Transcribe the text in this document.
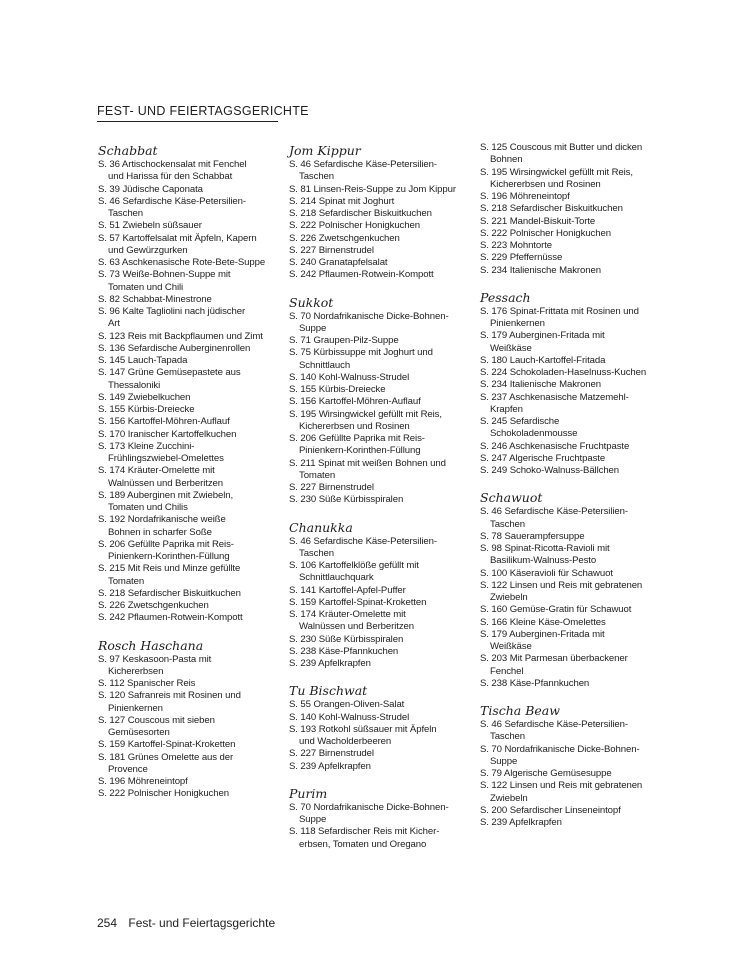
FEST- UND FEIERTAGSGERICHTE
Schabbat
S. 36 Artischockensalat mit Fenchel
und Harissa für den Schabbat
S. 39 Jüdische Caponata
S. 46 Sefardische Käse-Petersilien-
Taschen
S. 51 Zwiebeln süßsauer
S. 57 Kartoffelsalat mit Äpfeln, Kapern
und Gewürzgurken
S. 63 Aschkenasische Rote-Bete-Suppe
S. 73 Weiße-Bohnen-Suppe mit
Tomaten und Chili
S. 82 Schabbat-Minestrone
S. 96 Kalte Tagliolini nach jüdischer
Art
S. 123 Reis mit Backpflaumen und Zimt
S. 136 Sefardische Auberginenrollen
S. 145 Lauch-Tapada
S. 147 Grüne Gemüsepastete aus
Thessaloniki
S. 149 Zwiebelkuchen
S. 155 Kürbis-Dreiecke
S. 156 Kartoffel-Möhren-Auflauf
S. 170 Iranischer Kartoffelkuchen
S. 173 Kleine Zucchini-
Frühlingszwiebel-Omelettes
S. 174 Kräuter-Omelette mit
Walnüssen und Berberitzen
S. 189 Auberginen mit Zwiebeln,
Tomaten und Chilis
S. 192 Nordafrikanische weiße
Bohnen in scharfer Soße
S. 206 Gefüllte Paprika mit Reis-
Pinienkern-Korinthen-Füllung
S. 215 Mit Reis und Minze gefüllte
Tomaten
S. 218 Sefardischer Biskuitkuchen
S. 226 Zwetschgenkuchen
S. 242 Pflaumen-Rotwein-Kompott
Rosch Haschana
S. 97 Keskasoon-Pasta mit
Kichererbsen
S. 112 Spanischer Reis
S. 120 Safranreis mit Rosinen und
Pinienkernen
S. 127 Couscous mit sieben
Gemüsesorten
S. 159 Kartoffel-Spinat-Kroketten
S. 181 Grünes Omelette aus der
Provence
S. 196 Möhreneintopf
S. 222 Polnischer Honigkuchen
Jom Kippur
S. 46 Sefardische Käse-Petersilien-
Taschen
S. 81 Linsen-Reis-Suppe zu Jom Kippur
S. 214 Spinat mit Joghurt
S. 218 Sefardischer Biskuitkuchen
S. 222 Polnischer Honigkuchen
S. 226 Zwetschgenkuchen
S. 227 Birnenstrudel
S. 240 Granatapfelsalat
S. 242 Pflaumen-Rotwein-Kompott
Sukkot
S. 70 Nordafrikanische Dicke-Bohnen-
Suppe
S. 71 Graupen-Pilz-Suppe
S. 75 Kürbissuppe mit Joghurt und
Schnittlauch
S. 140 Kohl-Walnuss-Strudel
S. 155 Kürbis-Dreiecke
S. 156 Kartoffel-Möhren-Auflauf
S. 195 Wirsingwickel gefüllt mit Reis,
Kichererbsen und Rosinen
S. 206 Gefüllte Paprika mit Reis-
Pinienkern-Korinthen-Füllung
S. 211 Spinat mit weißen Bohnen und
Tomaten
S. 227 Birnenstrudel
S. 230 Süße Kürbisspiralen
Chanukka
S. 46 Sefardische Käse-Petersilien-
Taschen
S. 106 Kartoffelklöße gefüllt mit
Schnittlauchquark
S. 141 Kartoffel-Apfel-Puffer
S. 159 Kartoffel-Spinat-Kroketten
S. 174 Kräuter-Omelette mit
Walnüssen und Berberitzen
S. 230 Süße Kürbisspiralen
S. 238 Käse-Pfannkuchen
S. 239 Apfelkrapfen
Tu Bischwat
S. 55 Orangen-Oliven-Salat
S. 140 Kohl-Walnuss-Strudel
S. 193 Rotkohl süßsauer mit Äpfeln
und Wacholderbeeren
S. 227 Birnenstrudel
S. 239 Apfelkrapfen
Purim
S. 70 Nordafrikanische Dicke-Bohnen-
Suppe
S. 118 Sefardischer Reis mit Kicher-
erbsen, Tomaten und Oregano
S. 125 Couscous mit Butter und dicken
Bohnen
S. 195 Wirsingwickel gefüllt mit Reis,
Kichererbsen und Rosinen
S. 196 Möhreneintopf
S. 218 Sefardischer Biskuitkuchen
S. 221 Mandel-Biskuit-Torte
S. 222 Polnischer Honigkuchen
S. 223 Mohntorte
S. 229 Pfeffernüsse
S. 234 Italienische Makronen
Pessach
S. 176 Spinat-Frittata mit Rosinen und
Pinienkernen
S. 179 Auberginen-Fritada mit
Weißkäse
S. 180 Lauch-Kartoffel-Fritada
S. 224 Schokoladen-Haselnuss-Kuchen
S. 234 Italienische Makronen
S. 237 Aschkenasische Matzemehl-
Krapfen
S. 245 Sefardische
Schokoladenmousse
S. 246 Aschkenasische Fruchtpaste
S. 247 Algerische Fruchtpaste
S. 249 Schoko-Walnuss-Bällchen
Schawuot
S. 46 Sefardische Käse-Petersilien-
Taschen
S. 78 Sauerampfersuppe
S. 98 Spinat-Ricotta-Ravioli mit
Basilikum-Walnuss-Pesto
S. 100 Käseravioli für Schawuot
S. 122 Linsen und Reis mit gebratenen
Zwiebeln
S. 160 Gemüse-Gratin für Schawuot
S. 166 Kleine Käse-Omelettes
S. 179 Auberginen-Fritada mit
Weißkäse
S. 203 Mit Parmesan überbackener
Fenchel
S. 238 Käse-Pfannkuchen
Tischa Beaw
S. 46 Sefardische Käse-Petersilien-
Taschen
S. 70 Nordafrikanische Dicke-Bohnen-
Suppe
S. 79 Algerische Gemüsesuppe
S. 122 Linsen und Reis mit gebratenen
Zwiebeln
S. 200 Sefardischer Linseneintopf
S. 239 Apfelkrapfen
254 Fest- und Feiertagsgerichte
